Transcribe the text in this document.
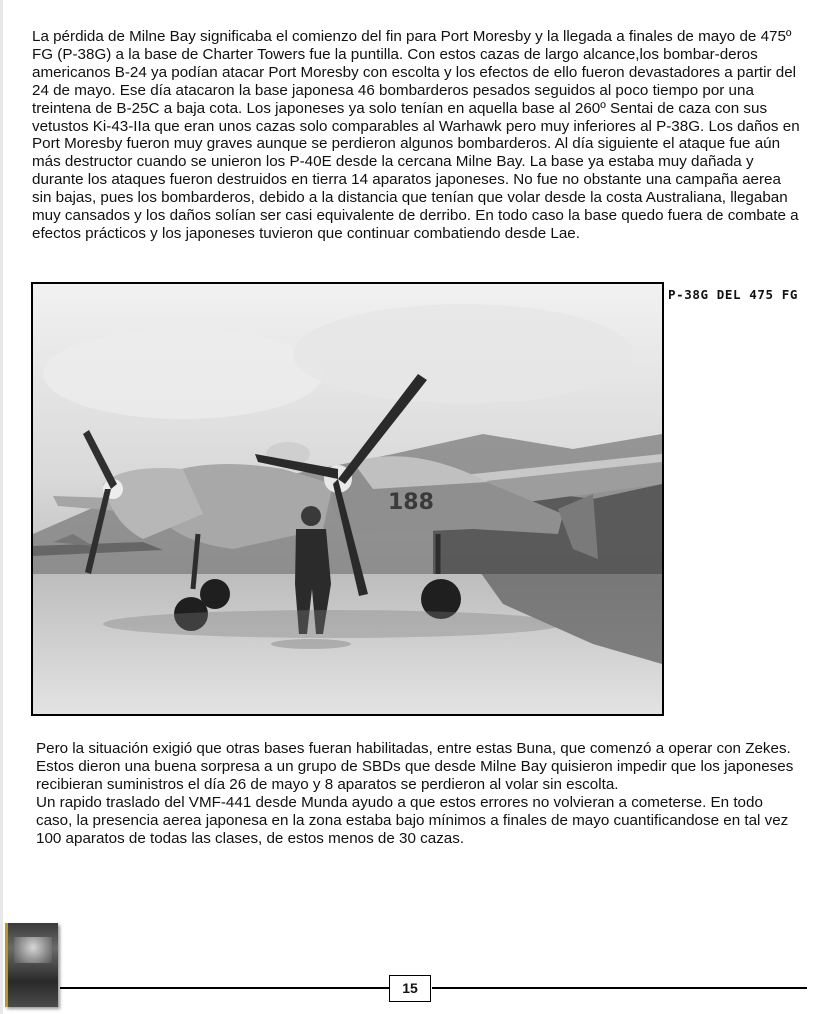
La pérdida de Milne Bay significaba el comienzo del fin para Port Moresby y la llegada a finales de mayo de 475º FG (P-38G) a la base de Charter Towers fue la puntilla. Con estos cazas de largo alcance,los bombar-deros americanos B-24 ya podían atacar Port Moresby con escolta y los efectos de ello fueron devastadores a partir del 24 de mayo. Ese día atacaron la base japonesa 46 bombarderos pesados seguidos al poco tiempo por una treintena de B-25C a baja cota. Los japoneses ya solo tenían en aquella base al 260º Sentai de caza con sus vetustos Ki-43-IIa que eran unos cazas solo comparables al Warhawk pero muy inferiores al P-38G. Los daños en Port Moresby fueron muy graves aunque se perdieron algunos bombarderos. Al día siguiente el ataque fue aún más destructor cuando se unieron los P-40E desde la cercana Milne Bay. La base ya estaba muy dañada y durante los ataques fueron destruidos en tierra 14 aparatos japoneses. No fue no obstante una campaña aerea sin bajas, pues los bombarderos, debido a la distancia que tenían que volar desde la costa Australiana, llegaban muy cansados y los daños solían ser casi equivalente de derribo. En todo caso la base quedo fuera de combate a efectos prácticos y los japoneses tuvieron que continuar combatiendo desde Lae.

188
P-38G DEL 475 FG

Pero la situación exigió que otras bases fueran habilitadas, entre estas Buna, que comenzó a operar con Zekes. Estos dieron una buena sorpresa a un grupo de SBDs que desde Milne Bay quisieron impedir que los japoneses recibieran suministros el día 26 de mayo y 8 aparatos se perdieron al volar sin escolta.
Un rapido traslado del VMF-441 desde Munda ayudo a que estos errores no volvieran a cometerse. En todo caso, la presencia aerea japonesa en la zona estaba bajo mínimos a finales de mayo cuantificandose en tal vez 100 aparatos de todas las clases, de estos menos de 30 cazas.

15
